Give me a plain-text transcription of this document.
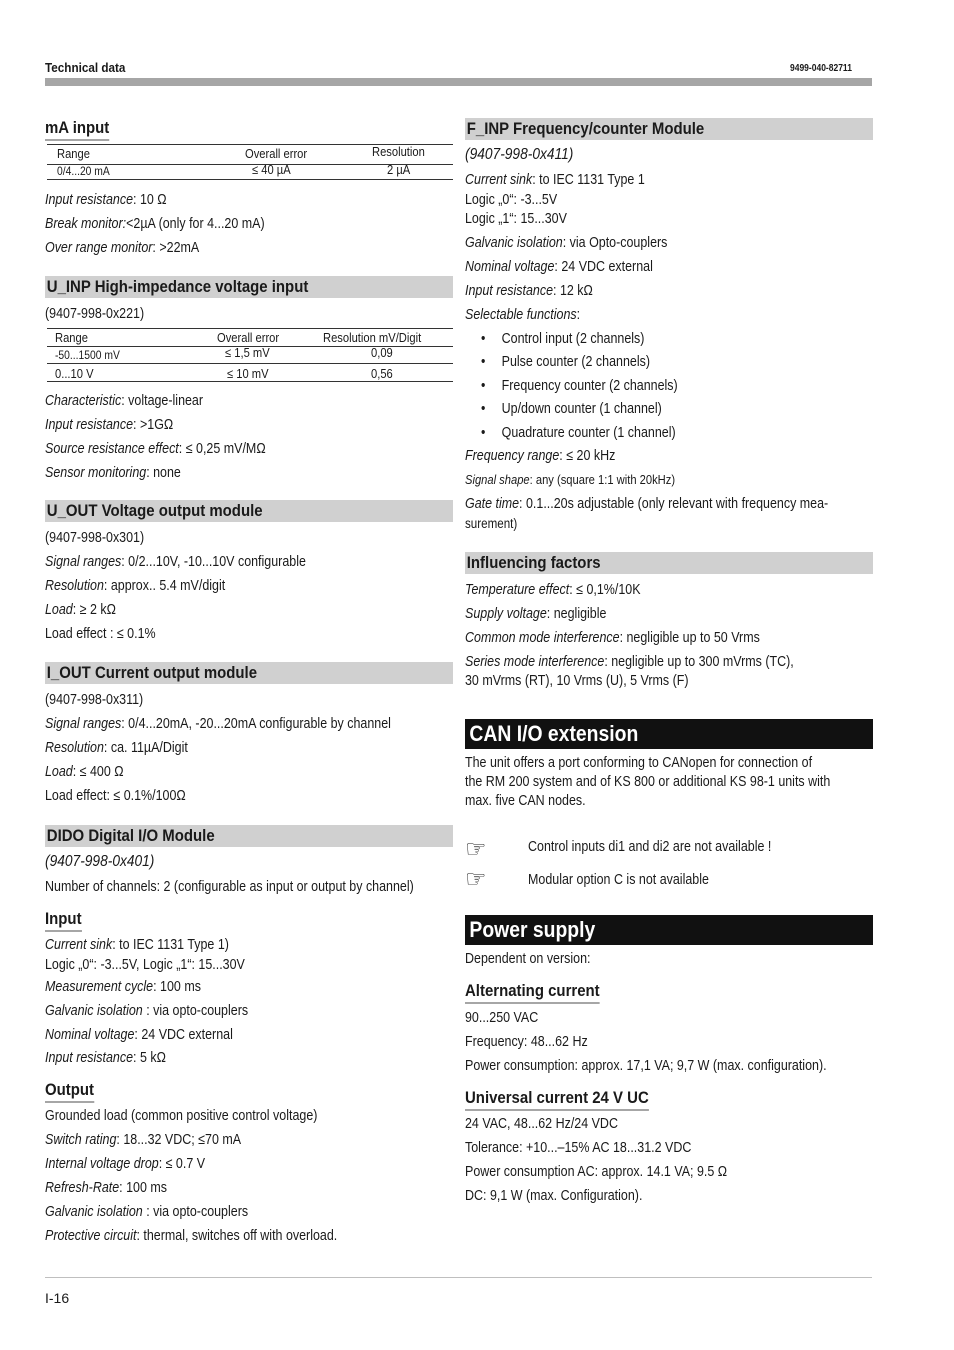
Technical data	9499-040-82711
I-16
mA input
Range	Overall error	Resolution
0/4...20 mA	≤ 40 µA	2 µA
Input resistance: 10 Ω
Break monitor:<2µA (only for 4...20 mA)
Over range monitor: >22mA
U_INP High-impedance voltage input
(9407-998-0x221)
Range	Overall error	Resolution mV/Digit
-50...1500 mV	≤ 1,5 mV	0,09
0...10 V	≤ 10 mV	0,56
Characteristic: voltage-linear
Input resistance: >1GΩ
Source resistance effect: ≤ 0,25 mV/MΩ
Sensor monitoring: none
U_OUT Voltage output module
(9407-998-0x301)
Signal ranges: 0/2...10V, -10...10V configurable
Resolution: approx.. 5.4 mV/digit
Load: ≥ 2 kΩ
Load effect : ≤ 0.1%
I_OUT Current output module
(9407-998-0x311)
Signal ranges: 0/4...20mA, -20...20mA configurable by channel
Resolution: ca. 11µA/Digit
Load: ≤ 400 Ω
Load effect: ≤ 0.1%/100Ω
DIDO Digital I/O Module
(9407-998-0x401)
Number of channels: 2 (configurable as input or output by channel)
Input
Current sink: to IEC 1131 Type 1)
Logic „0“: -3...5V, Logic „1“: 15...30V
Measurement cycle: 100 ms
Galvanic isolation : via opto-couplers
Nominal voltage: 24 VDC external
Input resistance: 5 kΩ
Output
Grounded load (common positive control voltage)
Switch rating: 18...32 VDC; ≤70 mA
Internal voltage drop: ≤ 0.7 V
Refresh-Rate: 100 ms
Galvanic isolation : via opto-couplers
Protective circuit: thermal, switches off with overload.
F_INP Frequency/counter Module
(9407-998-0x411)
Current sink: to IEC 1131 Type 1
Logic „0“: -3...5V
Logic „1“: 15...30V
Galvanic isolation: via Opto-couplers
Nominal voltage: 24 VDC external
Input resistance: 12 kΩ
Selectable functions:
• Control input (2 channels)
• Pulse counter (2 channels)
• Frequency counter (2 channels)
• Up/down counter (1 channel)
• Quadrature counter (1 channel)
Frequency range: ≤ 20 kHz
Signal shape: any (square 1:1 with 20kHz)
Gate time: 0.1...20s adjustable (only relevant with frequency mea-
surement)
Influencing factors
Temperature effect: ≤ 0,1%/10K
Supply voltage: negligible
Common mode interference: negligible up to 50 Vrms
Series mode interference: negligible up to 300 mVrms (TC),
30 mVrms (RT), 10 Vrms (U), 5 Vrms (F)
CAN I/O extension
The unit offers a port conforming to CANopen for connection of
the RM 200 system and of KS 800 or additional KS 98-1 units with
max. five CAN nodes.
☞	Control inputs di1 and di2 are not available !
☞	Modular option C is not available
Power supply
Dependent on version:
Alternating current
90...250 VAC
Frequency: 48...62 Hz
Power consumption: approx. 17,1 VA; 9,7 W (max. configuration).
Universal current 24 V UC
24 VAC, 48...62 Hz/24 VDC
Tolerance: +10...–15% AC 18...31.2 VDC
Power consumption AC: approx. 14.1 VA; 9.5 Ω
DC: 9,1 W (max. Configuration).
